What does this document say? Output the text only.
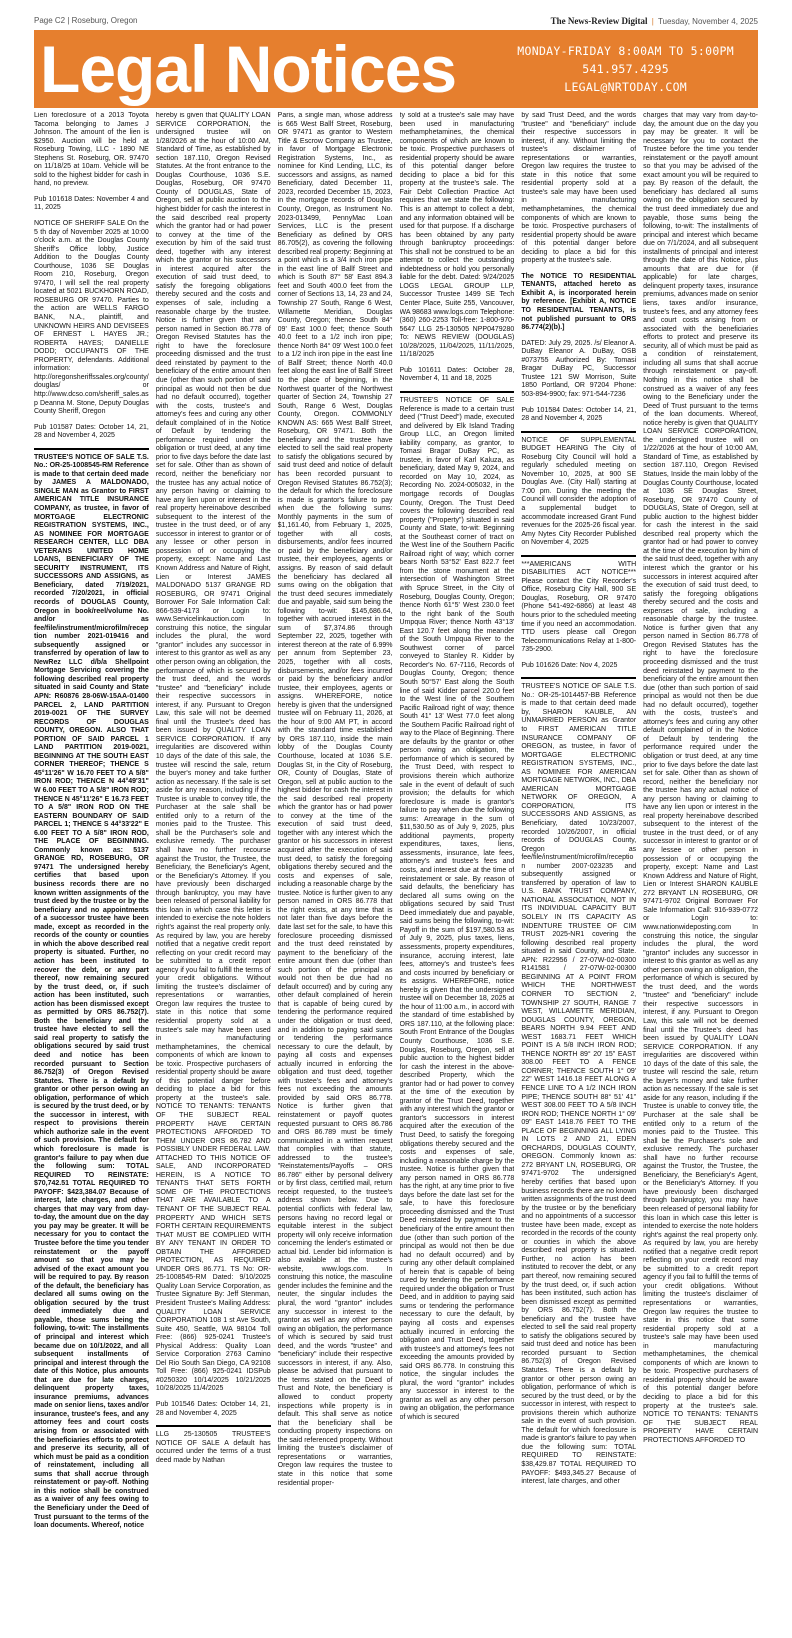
Page C2 | Roseburg, Oregon	The News-Review Digital | Tuesday, November 4, 2025
Legal Notices	MONDAY-FRIDAY 8:00AM TO 5:00PM
541.957.4295
LEGAL@NRTODAY.COM

Lien foreclosure of a 2013 Toyota Tacoma belonging to James J Johnson. The amount of the lien is $2950. Auction will be held at Roseburg Towing, LLC - 1890 NE Stephens St. Roseburg, OR. 97470 on 11/18/25 at 10am. Vehicle will be sold to the highest bidder for cash in hand, no preview.

Pub 101618 Dates: November 4 and 11, 2025

NOTICE OF SHERIFF SALE On the 5 th day of November 2025 at 10:00 o'clock a.m. at the Douglas County Sheriff's Office lobby, Justice Addition to the Douglas County Courthouse, 1036 SE Douglas Room 210, Roseburg, Oregon 97470, I will sell the real property located at 5021 BUCKHORN ROAD, ROSEBURG OR 97470. Parties to the action are WELLS FARGO BANK, N.A., plaintiff, and UNKNOWN HEIRS AND DEVISEES OF ERNEST L HAYES JR.; ROBERTA HAYES; DANIELLE DODD; OCCUPANTS OF THE PROPERTY, defendants. Additional information: http://oregonsheriffssales.org/county/douglas/ or http://www.dcso.com/sheriff_sales.asp Deanna M. Stone, Deputy Douglas County Sheriff, Oregon

Pub 101587 Dates: October 14, 21, 28 and November 4, 2025

TRUSTEE'S NOTICE OF SALE T.S. No.: OR-25-1008545-RM Reference is made to that certain deed made by JAMES A MALDONADO, SINGLE MAN as Grantor to FIRST AMERICAN TITLE INSURANCE COMPANY, as trustee, in favor of MORTGAGE ELECTRONIC REGISTRATION SYSTEMS, INC., AS NOMINEE FOR MORTGAGE RESEARCH CENTER, LLC DBA VETERANS UNITED HOME LOANS, BENEFICIARY OF THE SECURITY INSTRUMENT, ITS SUCCESSORS AND ASSIGNS, as Beneficiary, dated 7/19/2021, recorded 7/20/2021, in official records of DOUGLAS County, Oregon in book/reel/volume No. and/or as fee/file/instrument/microfilm/reception number 2021-019416 and subsequently assigned or transferred by operation of law to NewRez LLC d/b/a Shellpoint Mortgage Servicing covering the following described real property situated in said County and State APN: R60876 28-06W-15AA-01400 PARCEL 2, LAND PARTITION 2019-0021 OF THE SURVEY RECORDS OF DOUGLAS COUNTY, OREGON. ALSO THAT PORTION OF SAID PARCEL 1 LAND PARTITION 2019-0021, BEGINNING AT THE SOUTH EAST CORNER THEREOF; THENCE S 45°11'26" W 16.70 FEET TO A 5/8" IRON ROD; THENCE N 44°49'31" W 6.00 FEET TO A 5/8" IRON ROD; THENCE N 45°11'26" E 16.73 FEET TO A 5/8" IRON ROD ON THE EASTERN BOUNDARY OF SAID PARCEL 1; THENCE S 44°33'22" E 6.00 FEET TO A 5/8" IRON ROD, THE PLACE OF BEGINNING. Commonly known as: 5137 GRANGE RD, ROSEBURG, OR 97471 The undersigned hereby certifies that based upon business records there are no known written assignments of the trust deed by the trustee or by the beneficiary and no appointments of a successor trustee have been made, except as recorded in the records of the county or counties in which the above described real property is situated. Further, no action has been instituted to recover the debt, or any part thereof, now remaining secured by the trust deed, or, if such action has been instituted, such action has been dismissed except as permitted by ORS 86.752(7). Both the beneficiary and the trustee have elected to sell the said real property to satisfy the obligations secured by said trust deed and notice has been recorded pursuant to Section 86.752(3) of Oregon Revised Statutes. There is a default by grantor or other person owing an obligation, performance of which is secured by the trust deed, or by the successor in interest, with respect to provisions therein which authorize sale in the event of such provision. The default for which foreclosure is made is grantor's failure to pay when due the following sum: TOTAL REQUIRED TO REINSTATE: $70,742.51 TOTAL REQUIRED TO PAYOFF: $423,384.07 Because of interest, late charges, and other charges that may vary from day-to-day, the amount due on the day you pay may be greater. It will be necessary for you to contact the Trustee before the time you tender reinstatement or the payoff amount so that you may be advised of the exact amount you will be required to pay. By reason of the default, the beneficiary has declared all sums owing on the obligation secured by the trust deed immediately due and payable, those sums being the following, to-wit: The installments of principal and interest which became due on 10/1/2022, and all subsequent installments of principal and interest through the date of this Notice, plus amounts that are due for late charges, delinquent property taxes, insurance premiums, advances made on senior liens, taxes and/or insurance, trustee's fees, and any attorney fees and court costs arising from or associated with the beneficiaries efforts to protect and preserve its security, all of which must be paid as a condition of reinstatement, including all sums that shall accrue through reinstatement or pay-off. Nothing in this notice shall be construed as a waiver of any fees owing to the Beneficiary under the Deed of Trust pursuant to the terms of the loan documents. Whereof, notice

hereby is given that QUALITY LOAN SERVICE CORPORATION, the undersigned trustee will on 1/28/2026 at the hour of 10:00 AM, Standard of Time, as established by section 187.110, Oregon Revised Statutes. At the front entrance to the Douglas Courthouse, 1036 S.E. Douglas, Roseburg, OR 97470 County of DOUGLAS, State of Oregon, sell at public auction to the highest bidder for cash the interest in the said described real property which the grantor had or had power to convey at the time of the execution by him of the said trust deed, together with any interest which the grantor or his successors in interest acquired after the execution of said trust deed, to satisfy the foregoing obligations thereby secured and the costs and expenses of sale, including a reasonable charge by the trustee. Notice is further given that any person named in Section 86.778 of Oregon Revised Statutes has the right to have the foreclosure proceeding dismissed and the trust deed reinstated by payment to the beneficiary of the entire amount then due (other than such portion of said principal as would not then be due had no default occurred), together with the costs, trustee's and attorney's fees and curing any other default complained of in the Notice of Default by tendering the performance required under the obligation or trust deed, at any time prior to five days before the date last set for sale. Other than as shown of record, neither the beneficiary nor the trustee has any actual notice of any person having or claiming to have any lien upon or interest in the real property hereinabove described subsequent to the interest of the trustee in the trust deed, or of any successor in interest to grantor or of any lessee or other person in possession of or occupying the property, except: Name and Last Known Address and Nature of Right, Lien or Interest JAMES MALDONADO 5137 GRANGE RD ROSEBURG, OR 97471 Original Borrower For Sale Information Call: 866-539-4173 or Login to: www.Servicelinkauction.com In construing this notice, the singular includes the plural, the word "grantor" includes any successor in interest to this grantor as well as any other person owing an obligation, the performance of which is secured by the trust deed, and the words "trustee" and "beneficiary" include their respective successors in interest, if any. Pursuant to Oregon Law, this sale will not be deemed final until the Trustee's deed has been issued by QUALITY LOAN SERVICE CORPORATION. If any irregularities are discovered within 10 days of the date of this sale, the trustee will rescind the sale, return the buyer's money and take further action as necessary. If the sale is set aside for any reason, including if the Trustee is unable to convey title, the Purchaser at the sale shall be entitled only to a return of the monies paid to the Trustee. This shall be the Purchaser's sole and exclusive remedy. The purchaser shall have no further recourse against the Trustor, the Trustee, the Beneficiary, the Beneficiary's Agent, or the Beneficiary's Attorney. If you have previously been discharged through bankruptcy, you may have been released of personal liability for this loan in which case this letter is intended to exercise the note holders right's against the real property only. As required by law, you are hereby notified that a negative credit report reflecting on your credit record may be submitted to a credit report agency if you fail to fulfill the terms of your credit obligations. Without limiting the trustee's disclaimer of representations or warranties, Oregon law requires the trustee to state in this notice that some residential property sold at a trustee's sale may have been used in manufacturing methamphetamines, the chemical components of which are known to be toxic. Prospective purchasers of residential property should be aware of this potential danger before deciding to place a bid for this property at the trustee's sale. NOTICE TO TENANTS: TENANTS OF THE SUBJECT REAL PROPERTY HAVE CERTAIN PROTECTIONS AFFORDED TO THEM UNDER ORS 86.782 AND POSSIBLY UNDER FEDERAL LAW. ATTACHED TO THIS NOTICE OF SALE, AND INCORPORATED HEREIN, IS A NOTICE TO TENANTS THAT SETS FORTH SOME OF THE PROTECTIONS THAT ARE AVAILABLE TO A TENANT OF THE SUBJECT REAL PROPERTY AND WHICH SETS FORTH CERTAIN REQUIREMENTS THAT MUST BE COMPLIED WITH BY ANY TENANT IN ORDER TO OBTAIN THE AFFORDED PROTECTION, AS REQUIRED UNDER ORS 86.771. TS No: OR-25-1008545-RM Dated: 9/10/2025 Quality Loan Service Corporation, as Trustee Signature By: Jeff Stenman, President Trustee's Mailing Address: QUALITY LOAN SERVICE CORPORATION 108 1 st Ave South, Suite 450, Seattle, WA 98104 Toll Free: (866) 925-0241 Trustee's Physical Address: Quality Loan Service Corporation 2763 Camino Del Rio South San Diego, CA 92108 Toll Free: (866) 925-0241 IDSPub #0250320 10/14/2025 10/21/2025 10/28/2025 11/4/2025

Pub 101546 Dates: October 14, 21, 28 and November 4, 2025

LLG 25-130505 TRUSTEE'S NOTICE OF SALE A default has occurred under the terms of a trust deed made by Nathan

Paris, a single man, whose address is 665 West Ballf Street, Roseburg, OR 97471 as grantor to Western Title & Escrow Company as Trustee, in favor of Mortgage Electronic Registration Systems, Inc., as nominee for Kind Lending, LLC, its successors and assigns, as named Beneficiary, dated December 11, 2023, recorded December 15, 2023, in the mortgage records of Douglas County, Oregon, as Instrument No. 2023-013499, PennyMac Loan Services, LLC is the present Beneficiary as defined by ORS 86.705(2), as covering the following described real property: Beginning at a point which is a 3/4 inch iron pipe in the east line of Ballf Street and which is South 87° 58' East 894.3 feet and South 400.0 feet from the corner of Sections 13, 14, 23 and 24, Township 27 South, Range 6 West, Willamette Meridian, Douglas County, Oregon; thence South 84° 09' East 100.0 feet; thence South 40.0 feet to a 1/2 inch iron pipe; thence North 84° 09' West 100.0 feet to a 1/2 inch iron pipe in the east line of Ballf Street; thence North 40.0 feet along the east line of Ballf Street to the place of beginning, in the Northwest quarter of the Northwest quarter of Section 24, Township 27 South, Range 6 West, Douglas County, Oregon. COMMONLY KNOWN AS: 665 West Ballf Street, Roseburg, OR 97471. Both the beneficiary and the trustee have elected to sell the said real property to satisfy the obligations secured by said trust deed and notice of default has been recorded pursuant to Oregon Revised Statutes 86.752(3); the default for which the foreclosure is made is grantor's failure to pay when due the following sums: Monthly payments in the sum of $1,161.40, from February 1, 2025, together with all costs, disbursements, and/or fees incurred or paid by the beneficiary and/or trustee, their employees, agents or assigns. By reason of said default the beneficiary has declared all sums owing on the obligation that the trust deed secures immediately due and payable, said sum being the following to-wit: $145,686.64, together with accrued interest in the sum of $7,374.86 through September 22, 2025, together with interest thereon at the rate of 6.99% per annum from September 23, 2025, together with all costs, disbursements, and/or fees incurred or paid by the beneficiary and/or trustee, their employees, agents or assigns. WHEREFORE, notice hereby is given that the undersigned trustee will on February 11, 2026, at the hour of 9:00 AM PT, in accord with the standard time established by ORS 187.110, inside the main lobby of the Douglas County Courthouse, located at 1036 S.E. Douglas St, in the City of Roseburg, OR, County of Douglas, State of Oregon, sell at public auction to the highest bidder for cash the interest in the said described real property which the grantor has or had power to convey at the time of the execution of said trust deed, together with any interest which the grantor or his successors in interest acquired after the execution of said trust deed, to satisfy the foregoing obligations thereby secured and the costs and expenses of sale, including a reasonable charge by the trustee. Notice is further given to any person named in ORS 86.778 that the right exists, at any time that is not later than five days before the date last set for the sale, to have this foreclosure proceeding dismissed and the trust deed reinstated by payment to the beneficiary of the entire amount then due (other than such portion of the principal as would not then be due had no default occurred) and by curing any other default complained of herein that is capable of being cured by tendering the performance required under the obligation or trust deed, and in addition to paying said sums or tendering the performance necessary to cure the default, by paying all costs and expenses actually incurred in enforcing the obligation and trust deed, together with trustee's fees and attorney's fees not exceeding the amounts provided by said ORS 86.778. Notice is further given that reinstatement or payoff quotes requested pursuant to ORS 86.786 and ORS 86.789 must be timely communicated in a written request that complies with that statute, addressed to the trustee's "Reinstatements/Payoffs – ORS 86.786" either by personal delivery or by first class, certified mail, return receipt requested, to the trustee's address shown below. Due to potential conflicts with federal law, persons having no record legal or equitable interest in the subject property will only receive information concerning the lender's estimated or actual bid. Lender bid information is also available at the trustee's website, www.logs.com. In construing this notice, the masculine gender includes the feminine and the neuter, the singular includes the plural, the word "grantor" includes any successor in interest to the grantor as well as any other person owing an obligation, the performance of which is secured by said trust deed, and the words "trustee" and "beneficiary" include their respective successors in interest, if any. Also, please be advised that pursuant to the terms stated on the Deed of Trust and Note, the beneficiary is allowed to conduct property inspections while property is in default. This shall serve as notice that the beneficiary shall be conducting property inspections on the said referenced property. Without limiting the trustee's disclaimer of representations or warranties, Oregon law requires the trustee to state in this notice that some residential proper-

ty sold at a trustee's sale may have been used in manufacturing methamphetamines, the chemical components of which are known to be toxic. Prospective purchasers of residential property should be aware of this potential danger before deciding to place a bid for this property at the trustee's sale. The Fair Debt Collection Practice Act requires that we state the following: This is an attempt to collect a debt, and any information obtained will be used for that purpose. If a discharge has been obtained by any party through bankruptcy proceedings: This shall not be construed to be an attempt to collect the outstanding indebtedness or hold you personally liable for the debt. Dated: 9/24/2025 LOGS LEGAL GROUP LLP, Successor Trustee 1499 SE Tech Center Place, Suite 255, Vancouver, WA 98683 www.logs.com Telephone: (360) 260-2253 Toll-free: 1-800-970-5647 LLG 25-130505 NPP0479280 To: NEWS REVIEW (DOUGLAS) 10/28/2025, 11/04/2025, 11/11/2025, 11/18/2025

Pub 101611 Dates: October 28, November 4, 11 and 18, 2025

TRUSTEE'S NOTICE OF SALE Reference is made to a certain trust deed ("Trust Deed") made, executed and delivered by Elk Island Trading Group LLC, an Oregon limited liability company, as grantor, to Tomasi Bragar DuBay PC, as trustee, in favor of Karl Kaluza, as beneficiary, dated May 9, 2024, and recorded on May 10, 2024, as Recording No. 2024-005032, in the mortgage records of Douglas County, Oregon. The Trust Deed covers the following described real property ("Property") situated in said County and State, to-wit: Beginning at the Southeast corner of tract on the West line of the Southern Pacific Railroad right of way; which corner bears North 53°52' East 822.7 feet from the stone monument at the intersection of Washington Street with Spruce Street, in the City of Roseburg, Douglas County, Oregon; thence North 61°5' West 230.0 feet to the right bank of the South Umpqua River; thence North 43°13' East 120.7 feet along the meander of the South Umpqua River to the Southwest corner of parcel conveyed to Stanley R. Kidder by Recorder's No. 67-7116, Records of Douglas County, Oregon; thence South 50°57' East along the South line of said Kidder parcel 220.0 feet to the West line of the Southern Pacific Railroad right of way; thence South 41° 13' West 77.0 feet along the Southern Pacific Railroad right of way to the Place of Beginning. There are defaults by the grantor or other person owing an obligation, the performance of which is secured by the Trust Deed, with respect to provisions therein which authorize sale in the event of default of such provision; the defaults for which foreclosure is made is grantor's failure to pay when due the following sums: Arrearage in the sum of $11,530.50 as of July 9, 2025, plus additional payments, property expenditures, taxes, liens, assessments, insurance, late fees, attorney's and trustee's fees and costs, and interest due at the time of reinstatement or sale. By reason of said defaults, the beneficiary has declared all sums owing on the obligations secured by said Trust Deed immediately due and payable, said sums being the following, to-wit: Payoff in the sum of $197,580.53 as of July 9, 2025, plus taxes, liens, assessments, property expenditures, insurance, accruing interest, late fees, attorney's and trustee's fees and costs incurred by beneficiary or its assigns. WHEREFORE, notice hereby is given that the undersigned trustee will on December 18, 2025 at the hour of 11:00 a.m., in accord with the standard of time established by ORS 187.110, at the following place: South Front Entrance of the Douglas County Courthouse, 1036 S.E. Douglas, Roseburg, Oregon, sell at public auction to the highest bidder for cash the interest in the above-described Property, which the grantor had or had power to convey at the time of the execution by grantor of the Trust Deed, together with any interest which the grantor or grantor's successors in interest acquired after the execution of the Trust Deed, to satisfy the foregoing obligations thereby secured and the costs and expenses of sale, including a reasonable charge by the trustee. Notice is further given that any person named in ORS 86.778 has the right, at any time prior to five days before the date last set for the sale, to have this foreclosure proceeding dismissed and the Trust Deed reinstated by payment to the beneficiary of the entire amount then due (other than such portion of the principal as would not then be due had no default occurred) and by curing any other default complained of herein that is capable of being cured by tendering the performance required under the obligation or Trust Deed, and in addition to paying said sums or tendering the performance necessary to cure the default, by paying all costs and expenses actually incurred in enforcing the obligation and Trust Deed, together with trustee's and attorney's fees not exceeding the amounts provided by said ORS 86.778. In construing this notice, the singular includes the plural, the word "grantor" includes any successor in interest to the grantor as well as any other person owing an obligation, the performance of which is secured

by said Trust Deed, and the words "trustee" and "beneficiary" include their respective successors in interest, if any. Without limiting the trustee's disclaimer of representations or warranties, Oregon law requires the trustee to state in this notice that some residential property sold at a trustee's sale may have been used in manufacturing methamphetamines, the chemical components of which are known to be toxic. Prospective purchasers of residential property should be aware of this potential danger before deciding to place a bid for this property at the trustee's sale.

The NOTICE TO RESIDENTIAL TENANTS, attached hereto as Exhibit A, is incorporated herein by reference. [Exhibit A, NOTICE TO RESIDENTIAL TENANTS, is not published pursuant to ORS 86.774(2)(b).]

DATED: July 29, 2025. /s/ Eleanor A. DuBay Eleanor A. DuBay, OSB #073755 Authorized By: Tomasi Bragar DuBay PC, Successor Trustee 121 SW Morrison, Suite 1850 Portland, OR 97204 Phone: 503-894-9900; fax: 971-544-7236

Pub 101584 Dates: October 14, 21, 28 and November 4, 2025

NOTICE OF SUPPLEMENTAL BUDGET HEARING The City of Roseburg City Council will hold a regularly scheduled meeting on November 10, 2025, at 900 SE Douglas Ave. (City Hall) starting at 7:00 pm. During the meeting the Council will consider the adoption of a supplemental budget to accommodate increased Grant Fund revenues for the 2025-26 fiscal year. Amy Nytes City Recorder Published on November 4, 2025

***AMERICANS WITH DISABILITIES ACT NOTICE*** Please contact the City Recorder's Office, Roseburg City Hall, 900 SE Douglas, Roseburg, OR 97470 (Phone 541-492-6866) at least 48 hours prior to the scheduled meeting time if you need an accommodation. TTD users please call Oregon Telecommunications Relay at 1-800-735-2900.

Pub 101626 Date: Nov 4, 2025

TRUSTEE'S NOTICE OF SALE T.S. No.: OR-25-1014457-BB Reference is made to that certain deed made by, SHARON KAUBLE, AN UNMARRIED PERSON as Grantor to FIRST AMERICAN TITLE INSURANCE COMPANY OF OREGON, as trustee, in favor of MORTGAGE ELECTRONIC REGISTRATION SYSTEMS, INC., AS NOMINEE FOR AMERICAN MORTGAGE NETWORK, INC., DBA AMERICAN MORTGAGE NETWORK OF OREGON, A CORPORATION, ITS SUCCESSORS AND ASSIGNS, as Beneficiary, dated 10/23/2007, recorded 10/26/2007, in official records of DOUGLAS County, Oregon as fee/file/instrument/microfilm/reception number 2007-023235 and subsequently assigned or transferred by operation of law to U.S. BANK TRUST COMPANY, NATIONAL ASSOCIATION, NOT IN ITS INDIVIDUAL CAPACITY BUT SOLELY IN ITS CAPACITY AS INDENTURE TRUSTEE OF CIM TRUST 2025-NR1 covering the following described real property situated in said County, and State. APN: R22956 / 27-07W-02-00300 R141581 / 27-07W-02-00300 BEGINNING AT A POINT FROM WHICH THE NORTHWEST CORNER TO SECTION 2, TOWNSHIP 27 SOUTH, RANGE 7 WEST, WILLAMETTE MERIDIAN, DOUGLAS COUNTY, OREGON, BEARS NORTH 9.94 FEET AND WEST 1683.71 FEET WHICH POINT IS A 5/8 INCH IRON ROD; THENCE NORTH 89° 20' 15" EAST 308.00 FEET TO A FENCE CORNER; THENCE SOUTH 1° 09' 22" WEST 1416.18 FEET ALONG A FENCE LINE TO A 1/2 INCH IRON PIPE; THENCE SOUTH 88° 51' 41" WEST 308.00 FEET TO A 5/8 INCH IRON ROD; THENCE NORTH 1° 09' 09" EAST 1418.76 FEET TO THE PLACE OF BEGINNING ALL LYING IN LOTS 2 AND 21, EDEN ORCHARDS, DOUGLAS COUNTY, OREGON. Commonly known as: 272 BRYANT LN, ROSEBURG, OR 97471-9702 The undersigned hereby certifies that based upon business records there are no known written assignments of the trust deed by the trustee or by the beneficiary and no appointments of a successor trustee have been made, except as recorded in the records of the county or counties in which the above described real property is situated. Further, no action has been instituted to recover the debt, or any part thereof, now remaining secured by the trust deed, or, if such action has been instituted, such action has been dismissed except as permitted by ORS 86.752(7). Both the beneficiary and the trustee have elected to sell the said real property to satisfy the obligations secured by said trust deed and notice has been recorded pursuant to Section 86.752(3) of Oregon Revised Statutes. There is a default by grantor or other person owing an obligation, performance of which is secured by the trust deed, or by the successor in interest, with respect to provisions therein which authorize sale in the event of such provision. The default for which foreclosure is made is grantor's failure to pay when due the following sum: TOTAL REQUIRED TO REINSTATE: $38,429.87 TOTAL REQUIRED TO PAYOFF: $493,345.27 Because of interest, late charges, and other

charges that may vary from day-to-day, the amount due on the day you pay may be greater. It will be necessary for you to contact the Trustee before the time you tender reinstatement or the payoff amount so that you may be advised of the exact amount you will be required to pay. By reason of the default, the beneficiary has declared all sums owing on the obligation secured by the trust deed immediately due and payable, those sums being the following, to-wit: The installments of principal and interest which became due on 7/1/2024, and all subsequent installments of principal and interest through the date of this Notice, plus amounts that are due for (if applicable) for late charges, delinquent property taxes, insurance premiums, advances made on senior liens, taxes and/or insurance, trustee's fees, and any attorney fees and court costs arising from or associated with the beneficiaries efforts to protect and preserve its security, all of which must be paid as a condition of reinstatement, including all sums that shall accrue through reinstatement or pay-off. Nothing in this notice shall be construed as a waiver of any fees owing to the Beneficiary under the Deed of Trust pursuant to the terms of the loan documents. Whereof, notice hereby is given that QUALITY LOAN SERVICE CORPORATION, the undersigned trustee will on 1/22/2026 at the hour of 10:00 AM, Standard of Time, as established by section 187.110, Oregon Revised Statues, Inside the main lobby of the Douglas County Courthouse, located at 1036 SE Douglas Street, Roseburg, OR 97470 County of DOUGLAS, State of Oregon, sell at public auction to the highest bidder for cash the interest in the said described real property which the grantor had or had power to convey at the time of the execution by him of the said trust deed, together with any interest which the grantor or his successors in interest acquired after the execution of said trust deed, to satisfy the foregoing obligations thereby secured and the costs and expenses of sale, including a reasonable charge by the trustee. Notice is further given that any person named in Section 86.778 of Oregon Revised Statutes has the right to have the foreclosure proceeding dismissed and the trust deed reinstated by payment to the beneficiary of the entire amount then due (other than such portion of said principal as would not then be due had no default occurred), together with the costs, trustee's and attorney's fees and curing any other default complained of in the Notice of Default by tendering the performance required under the obligation or trust deed, at any time prior to five days before the date last set for sale. Other than as shown of record, neither the beneficiary nor the trustee has any actual notice of any person having or claiming to have any lien upon or interest in the real property hereinabove described subsequent to the interest of the trustee in the trust deed, or of any successor in interest to grantor or of any lessee or other person in possession of or occupying the property, except: Name and Last Known Address and Nature of Right, Lien or Interest SHARON KAUBLE 272 BRYANT LN ROSEBURG, OR 97471-9702 Original Borrower For Sale Information Call: 916-939-0772 or Login to: www.nationwideposting.com In construing this notice, the singular includes the plural, the word "grantor" includes any successor in interest to this grantor as well as any other person owing an obligation, the performance of which is secured by the trust deed, and the words "trustee" and "beneficiary" include their respective successors in interest, if any. Pursuant to Oregon Law, this sale will not be deemed final until the Trustee's deed has been issued by QUALITY LOAN SERVICE CORPORATION. If any irregularities are discovered within 10 days of the date of this sale, the trustee will rescind the sale, return the buyer's money and take further action as necessary. If the sale is set aside for any reason, including if the Trustee is unable to convey title, the Purchaser at the sale shall be entitled only to a return of the monies paid to the Trustee. This shall be the Purchaser's sole and exclusive remedy. The purchaser shall have no further recourse against the Trustor, the Trustee, the Beneficiary, the Beneficiary's Agent, or the Beneficiary's Attorney. If you have previously been discharged through bankruptcy, you may have been released of personal liability for this loan in which case this letter is intended to exercise the note holders right's against the real property only. As required by law, you are hereby notified that a negative credit report reflecting on your credit record may be submitted to a credit report agency if you fail to fulfill the terms of your credit obligations. Without limiting the trustee's disclaimer of representations or warranties, Oregon law requires the trustee to state in this notice that some residential property sold at a trustee's sale may have been used in manufacturing methamphetamines, the chemical components of which are known to be toxic. Prospective purchasers of residential property should be aware of this potential danger before deciding to place a bid for this property at the trustee's sale. NOTICE TO TENANTS: TENANTS OF THE SUBJECT REAL PROPERTY HAVE CERTAIN PROTECTIONS AFFORDED TO
